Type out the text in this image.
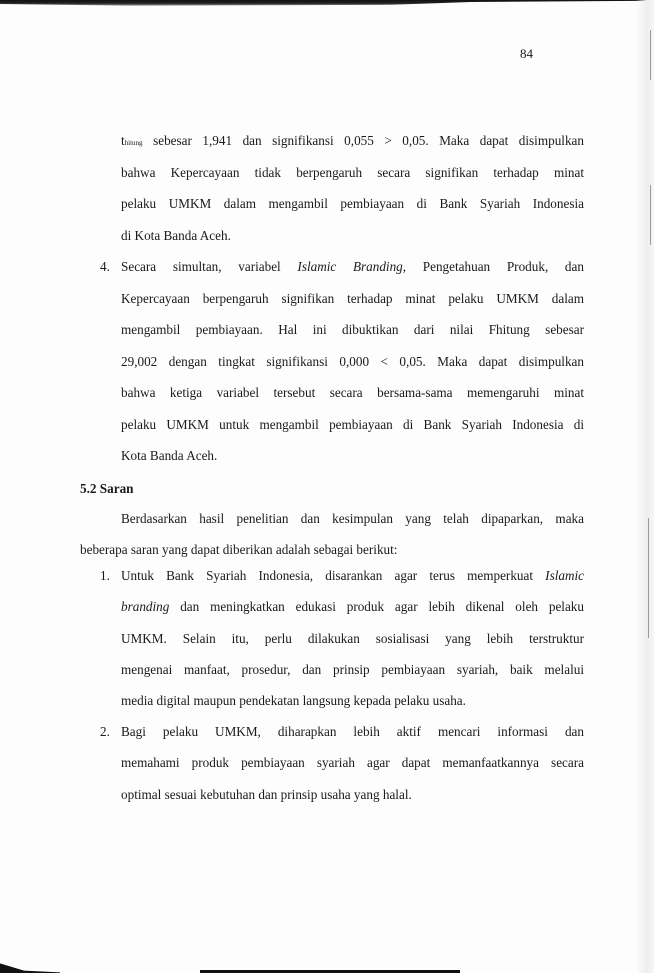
84
thitung sebesar 1,941 dan signifikansi 0,055 > 0,05. Maka dapat disimpulkan
bahwa Kepercayaan tidak berpengaruh secara signifikan terhadap minat
pelaku UMKM dalam mengambil pembiayaan di Bank Syariah Indonesia
di Kota Banda Aceh.
4. Secara simultan, variabel Islamic Branding, Pengetahuan Produk, dan
Kepercayaan berpengaruh signifikan terhadap minat pelaku UMKM dalam
mengambil pembiayaan. Hal ini dibuktikan dari nilai Fhitung sebesar
29,002 dengan tingkat signifikansi 0,000 < 0,05. Maka dapat disimpulkan
bahwa ketiga variabel tersebut secara bersama-sama memengaruhi minat
pelaku UMKM untuk mengambil pembiayaan di Bank Syariah Indonesia di
Kota Banda Aceh.
5.2 Saran
Berdasarkan hasil penelitian dan kesimpulan yang telah dipaparkan, maka
beberapa saran yang dapat diberikan adalah sebagai berikut:
1. Untuk Bank Syariah Indonesia, disarankan agar terus memperkuat Islamic
branding dan meningkatkan edukasi produk agar lebih dikenal oleh pelaku
UMKM. Selain itu, perlu dilakukan sosialisasi yang lebih terstruktur
mengenai manfaat, prosedur, dan prinsip pembiayaan syariah, baik melalui
media digital maupun pendekatan langsung kepada pelaku usaha.
2. Bagi pelaku UMKM, diharapkan lebih aktif mencari informasi dan
memahami produk pembiayaan syariah agar dapat memanfaatkannya secara
optimal sesuai kebutuhan dan prinsip usaha yang halal.
